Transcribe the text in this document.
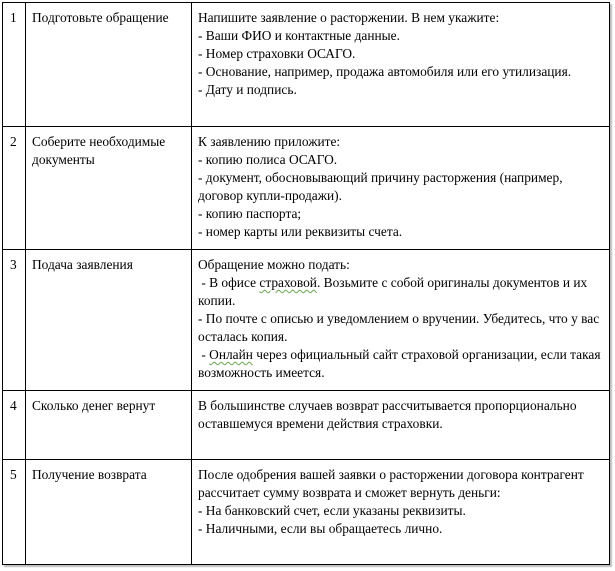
1	Подготовьте обращение	Напишите заявление о расторжении. В нем укажите:
- Ваши ФИО и контактные данные.
- Номер страховки ОСАГО.
- Основание, например, продажа автомобиля или его утилизация.
- Дату и подпись.

2	Соберите необходимые документы	К заявлению приложите:
- копию полиса ОСАГО.
- документ, обосновывающий причину расторжения (например, договор купли-продажи).
- копию паспорта;
- номер карты или реквизиты счета.

3	Подача заявления	Обращение можно подать:
- В офисе страховой. Возьмите с собой оригиналы документов и их копии.
- По почте с описью и уведомлением о вручении. Убедитесь, что у вас осталась копия.
- Онлайн через официальный сайт страховой организации, если такая возможность имеется.

4	Сколько денег вернут	В большинстве случаев возврат рассчитывается пропорционально оставшемуся времени действия страховки.

5	Получение возврата	После одобрения вашей заявки о расторжении договора контрагент рассчитает сумму возврата и сможет вернуть деньги:
- На банковский счет, если указаны реквизиты.
- Наличными, если вы обращаетесь лично.
